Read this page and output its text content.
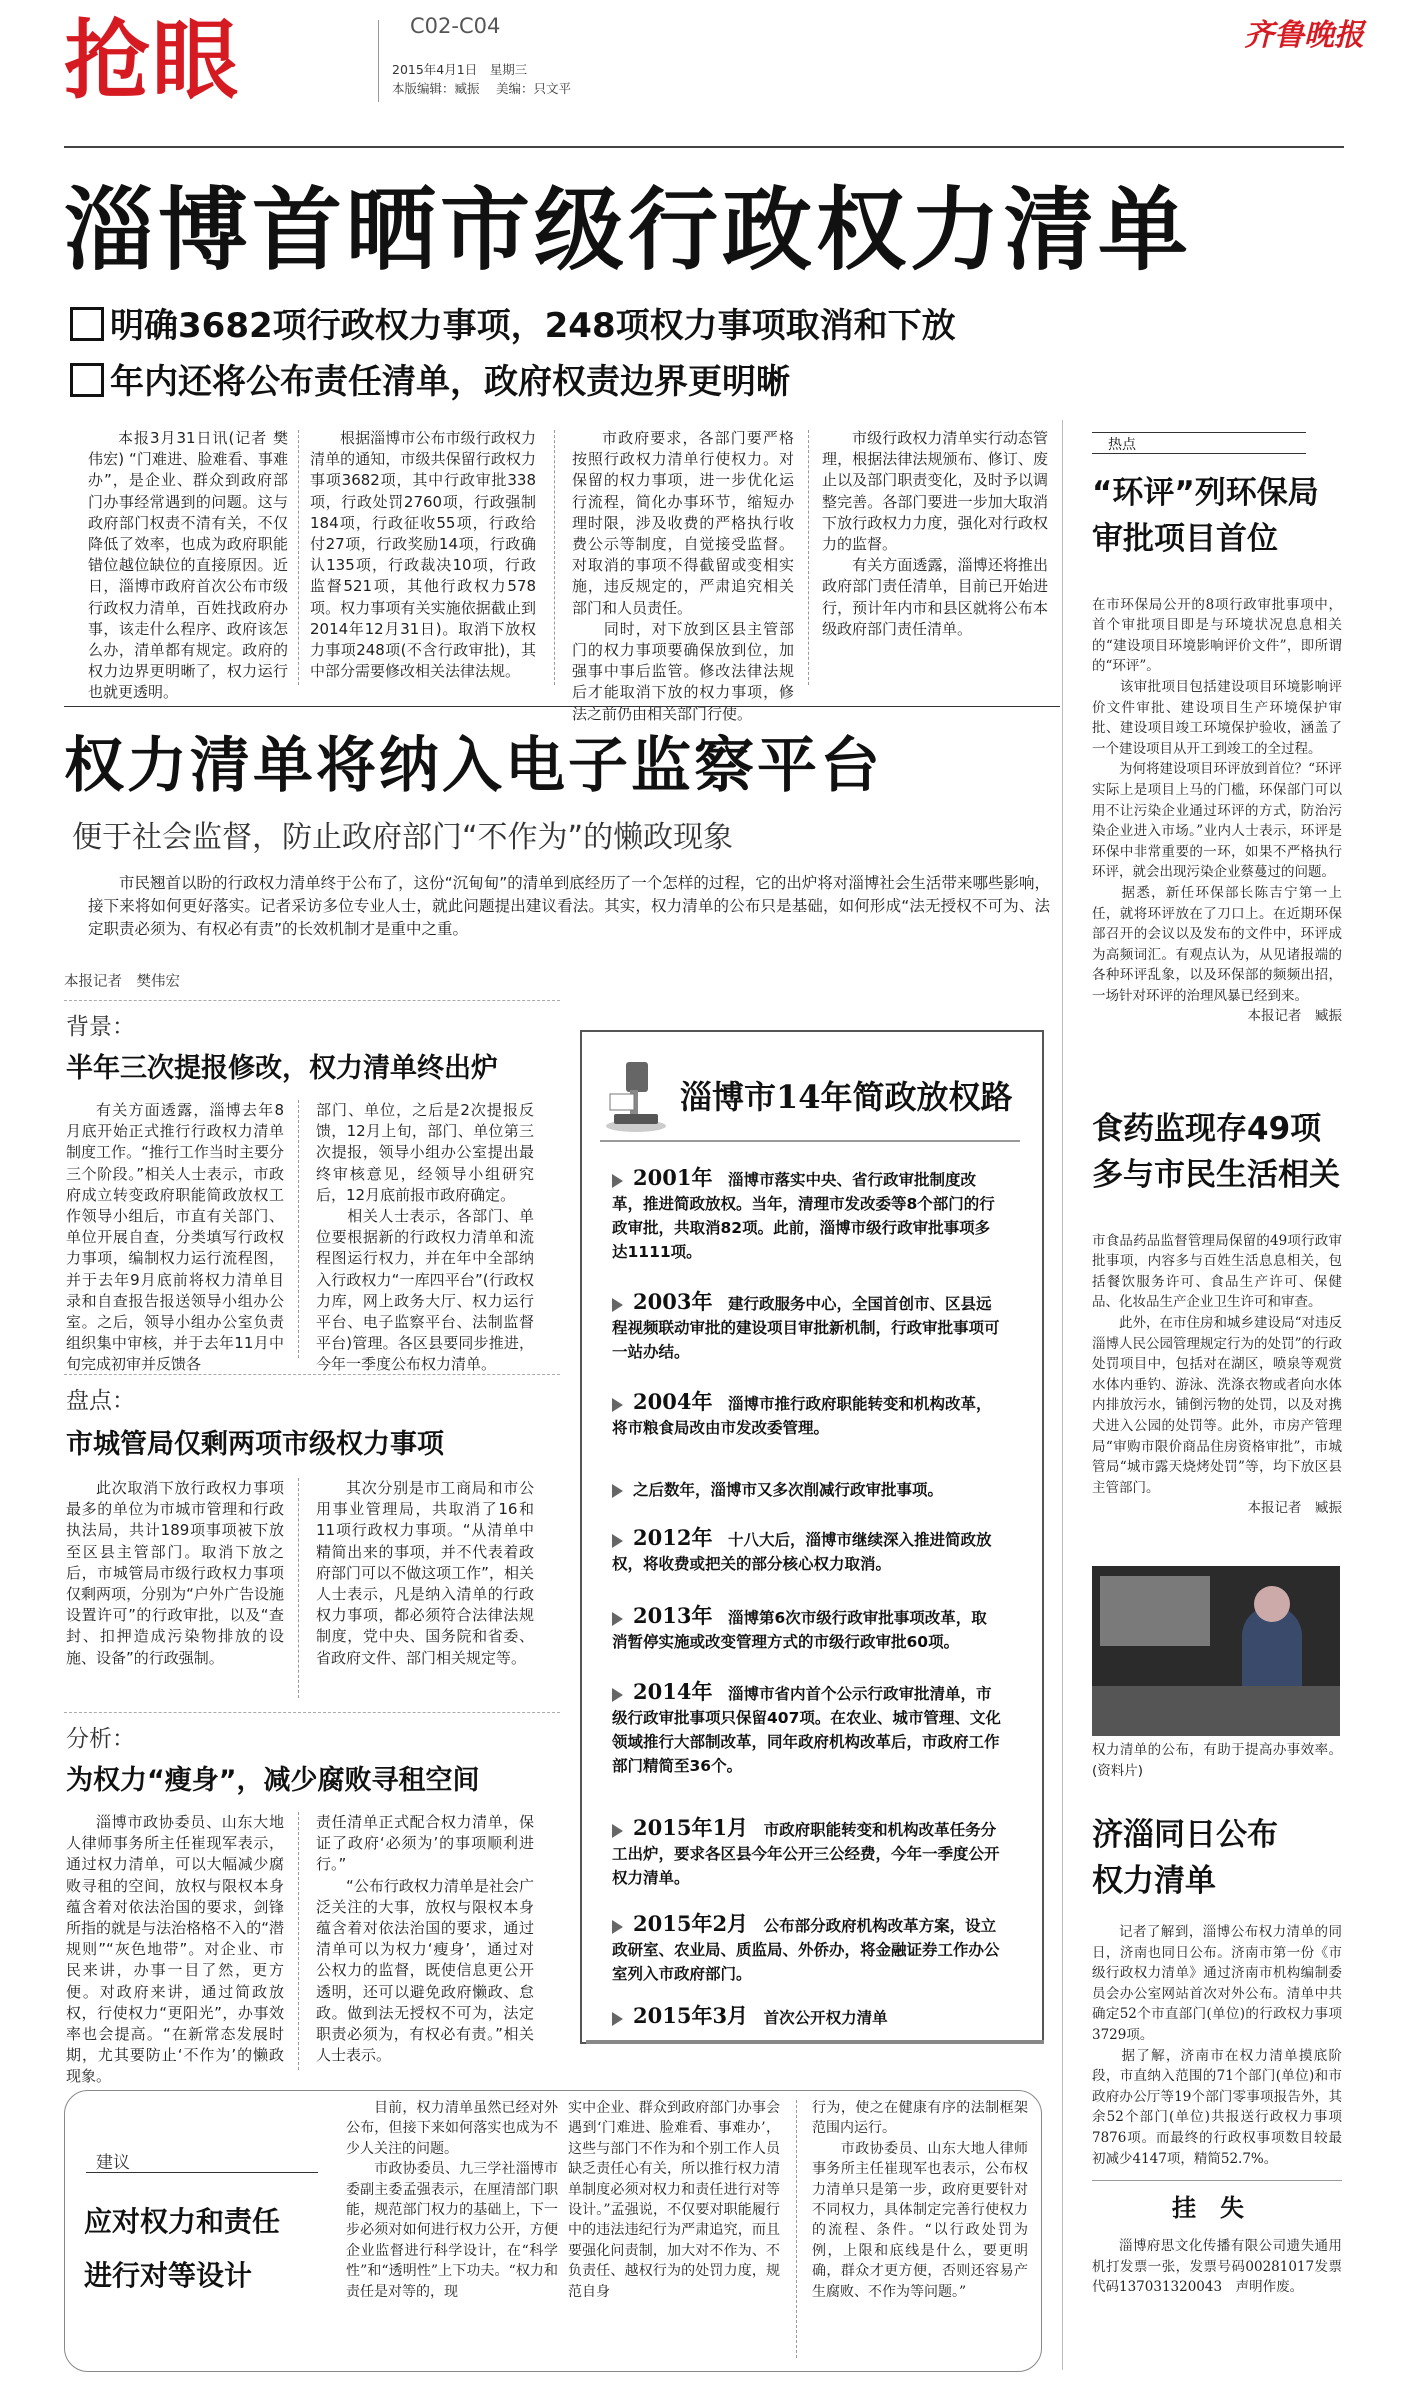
抢眼	C02-C04
2015年4月1日　星期三
本版编辑：臧振　 美编：只文平
齐鲁晚报
淄博首晒市级行政权力清单
明确3682项行政权力事项，248项权力事项取消和下放
年内还将公布责任清单，政府权责边界更明晰
本报3月31日讯(记者 樊伟宏) “门难进、脸难看、事难办”，是企业、群众到政府部门办事经常遇到的问题。这与政府部门权责不清有关，不仅降低了效率，也成为政府职能错位越位缺位的直接原因。近日，淄博市政府首次公布市级行政权力清单，百姓找政府办事，该走什么程序、政府该怎么办，清单都有规定。政府的权力边界更明晰了，权力运行也就更透明。
根据淄博市公布市级行政权力清单的通知，市级共保留行政权力事项3682项，其中行政审批338项，行政处罚2760项，行政强制184项，行政征收55项，行政给付27项，行政奖励14项，行政确认135项，行政裁决10项，行政监督521项，其他行政权力578项。权力事项有关实施依据截止到2014年12月31日)。取消下放权力事项248项(不含行政审批)，其中部分需要修改相关法律法规。
市政府要求，各部门要严格按照行政权力清单行使权力。对保留的权力事项，进一步优化运行流程，简化办事环节，缩短办理时限，涉及收费的严格执行收费公示等制度，自觉接受监督。对取消的事项不得截留或变相实施，违反规定的，严肃追究相关部门和人员责任。
　　同时，对下放到区县主管部门的权力事项要确保放到位，加强事中事后监管。修改法律法规后才能取消下放的权力事项，修法之前仍由相关部门行使。
市级行政权力清单实行动态管理，根据法律法规颁布、修订、废止以及部门职责变化，及时予以调整完善。各部门要进一步加大取消下放行政权力力度，强化对行政权力的监督。
　　有关方面透露，淄博还将推出政府部门责任清单，目前已开始进行，预计年内市和县区就将公布本级政府部门责任清单。
权力清单将纳入电子监察平台
便于社会监督，防止政府部门“不作为”的懒政现象
市民翘首以盼的行政权力清单终于公布了，这份“沉甸甸”的清单到底经历了一个怎样的过程，它的出炉将对淄博社会生活带来哪些影响，接下来将如何更好落实。记者采访多位专业人士，就此问题提出建议看法。其实，权力清单的公布只是基础，如何形成“法无授权不可为、法定职责必须为、有权必有责”的长效机制才是重中之重。
本报记者　樊伟宏
背景：
半年三次提报修改，权力清单终出炉
有关方面透露，淄博去年8月底开始正式推行行政权力清单制度工作。“推行工作当时主要分三个阶段。”相关人士表示，市政府成立转变政府职能简政放权工作领导小组后，市直有关部门、单位开展自查，分类填写行政权力事项，编制权力运行流程图，并于去年9月底前将权力清单目录和自查报告报送领导小组办公室。之后，领导小组办公室负责组织集中审核，并于去年11月中旬完成初审并反馈各
部门、单位，之后是2次提报反馈，12月上旬，部门、单位第三次提报，领导小组办公室提出最终审核意见，经领导小组研究后，12月底前报市政府确定。
　　相关人士表示，各部门、单位要根据新的行政权力清单和流程图运行权力，并在年中全部纳入行政权力“一库四平台”(行政权力库，网上政务大厅、权力运行平台、电子监察平台、法制监督平台)管理。各区县要同步推进，今年一季度公布权力清单。
盘点：
市城管局仅剩两项市级权力事项
此次取消下放行政权力事项最多的单位为市城市管理和行政执法局，共计189项事项被下放至区县主管部门。取消下放之后，市城管局市级行政权力事项仅剩两项，分别为“户外广告设施设置许可”的行政审批，以及“查封、扣押造成污染物排放的设施、设备”的行政强制。
其次分别是市工商局和市公用事业管理局，共取消了16和11项行政权力事项。“从清单中精简出来的事项，并不代表着政府部门可以不做这项工作”，相关人士表示，凡是纳入清单的行政权力事项，都必须符合法律法规制度，党中央、国务院和省委、省政府文件、部门相关规定等。
分析：
为权力“瘦身”，减少腐败寻租空间
淄博市政协委员、山东大地人律师事务所主任崔现军表示，通过权力清单，可以大幅减少腐败寻租的空间，放权与限权本身蕴含着对依法治国的要求，剑锋所指的就是与法治格格不入的“潜规则”“灰色地带”。对企业、市民来讲，办事一目了然，更方便。对政府来讲，通过简政放权，行使权力“更阳光”，办事效率也会提高。“在新常态发展时期，尤其要防止‘不作为’的懒政现象。
责任清单正式配合权力清单，保证了政府‘必须为’的事项顺利进行。”
　　“公布行政权力清单是社会广泛关注的大事，放权与限权本身蕴含着对依法治国的要求，通过清单可以为权力‘瘦身’，通过对公权力的监督，既使信息更公开透明，还可以避免政府懒政、怠政。做到法无授权不可为，法定职责必须为，有权必有责。”相关人士表示。
淄博市14年简政放权路
2001年　 淄博市落实中央、省行政审批制度改革，推进简政放权。当年，清理市发改委等8个部门的行政审批，共取消82项。此前，淄博市级行政审批事项多达1111项。
2003年　 建行政服务中心，全国首创市、区县远程视频联动审批的建设项目审批新机制，行政审批事项可一站办结。
2004年　 淄博市推行政府职能转变和机构改革，将市粮食局改由市发改委管理。
之后数年，淄博市又多次削减行政审批事项。
2012年　 十八大后，淄博市继续深入推进简政放权，将收费或把关的部分核心权力取消。
2013年　 淄博第6次市级行政审批事项改革，取消暂停实施或改变管理方式的市级行政审批60项。
2014年　 淄博市省内首个公示行政审批清单，市级行政审批事项只保留407项。在农业、城市管理、文化领域推行大部制改革，同年政府机构改革后，市政府工作部门精简至36个。
2015年1月　 市政府职能转变和机构改革任务分工出炉，要求各区县今年公开三公经费，今年一季度公开权力清单。
2015年2月　 公布部分政府机构改革方案，设立政研室、农业局、质监局、外侨办，将金融证券工作办公室列入市政府部门。
2015年3月　 首次公开权力清单
建议
应对权力和责任
进行对等设计
目前，权力清单虽然已经对外公布，但接下来如何落实也成为不少人关注的问题。
　　市政协委员、九三学社淄博市委副主委孟强表示，在厘清部门职能，规范部门权力的基础上，下一步必须对如何进行权力公开，方便企业监督进行科学设计，在“科学性”和“透明性”上下功夫。“权力和责任是对等的，现
实中企业、群众到政府部门办事会遇到‘门难进、脸难看、事难办’，这些与部门不作为和个别工作人员缺乏责任心有关，所以推行权力清单制度必须对权力和责任进行对等设计。”孟强说，不仅要对职能履行中的违法违纪行为严肃追究，而且要强化问责制，加大对不作为、不负责任、越权行为的处罚力度，规范自身
行为，使之在健康有序的法制框架范围内运行。
　　市政协委员、山东大地人律师事务所主任崔现军也表示，公布权力清单只是第一步，政府更要针对不同权力，具体制定完善行使权力的流程、条件。“以行政处罚为例，上限和底线是什么，要更明确，群众才更方便，否则还容易产生腐败、不作为等问题。”
热点
“环评”列环保局审批项目首位

在市环保局公开的8项行政审批事项中，首个审批项目即是与环境状况息息相关的“建设项目环境影响评价文件”，即所谓的“环评”。
　　该审批项目包括建设项目环境影响评价文件审批、建设项目生产环境保护审批、建设项目竣工环境保护验收，涵盖了一个建设项目从开工到竣工的全过程。
　　为何将建设项目环评放到首位？“环评实际上是项目上马的门槛，环保部门可以用不让污染企业通过环评的方式，防治污染企业进入市场。”业内人士表示，环评是环保中非常重要的一环，如果不严格执行环评，就会出现污染企业蔡蔓过的问题。
　　据悉，新任环保部长陈吉宁第一上任，就将环评放在了刀口上。在近期环保部召开的会议以及发布的文件中，环评成为高频词汇。有观点认为，从见诸报端的各种环评乱象，以及环保部的频频出招，一场针对环评的治理风暴已经到来。

本报记者　臧振

食药监现存49项多与市民生活相关

市食品药品监督管理局保留的49项行政审批事项，内容多与百姓生活息息相关，包括餐饮服务许可、食品生产许可、保健品、化妆品生产企业卫生许可和审查。
　　此外，在市住房和城乡建设局“对违反淄博人民公园管理规定行为的处罚”的行政处罚项目中，包括对在湖区，喷泉等观赏水体内垂钓、游泳、洗涤衣物或者向水体内排放污水，铺倒污物的处罚，以及对携犬进入公园的处罚等。此外，市房产管理局“审购市限价商品住房资格审批”，市城管局“城市露天烧烤处罚”等，均下放区县主管部门。

本报记者　臧振

权力清单的公布，有助于提高办事效率。(资料片)
济淄同日公布权力清单
记者了解到，淄博公布权力清单的同日，济南也同日公布。济南市第一份《市级行政权力清单》通过济南市机构编制委员会办公室网站首次对外公布。清单中共确定52个市直部门(单位)的行政权力事项3729项。
　　据了解，济南市在权力清单摸底阶段，市直纳入范围的71个部门(单位)和市政府办公厅等19个部门零事项报告外，其余52个部门(单位)共报送行政权力事项7876项。而最终的行政权事项数目较最初减少4147项，精简52.7%。
挂　失
淄博府思文化传播有限公司遗失通用机打发票一张，发票号码00281017发票代码137031320043　声明作废。
